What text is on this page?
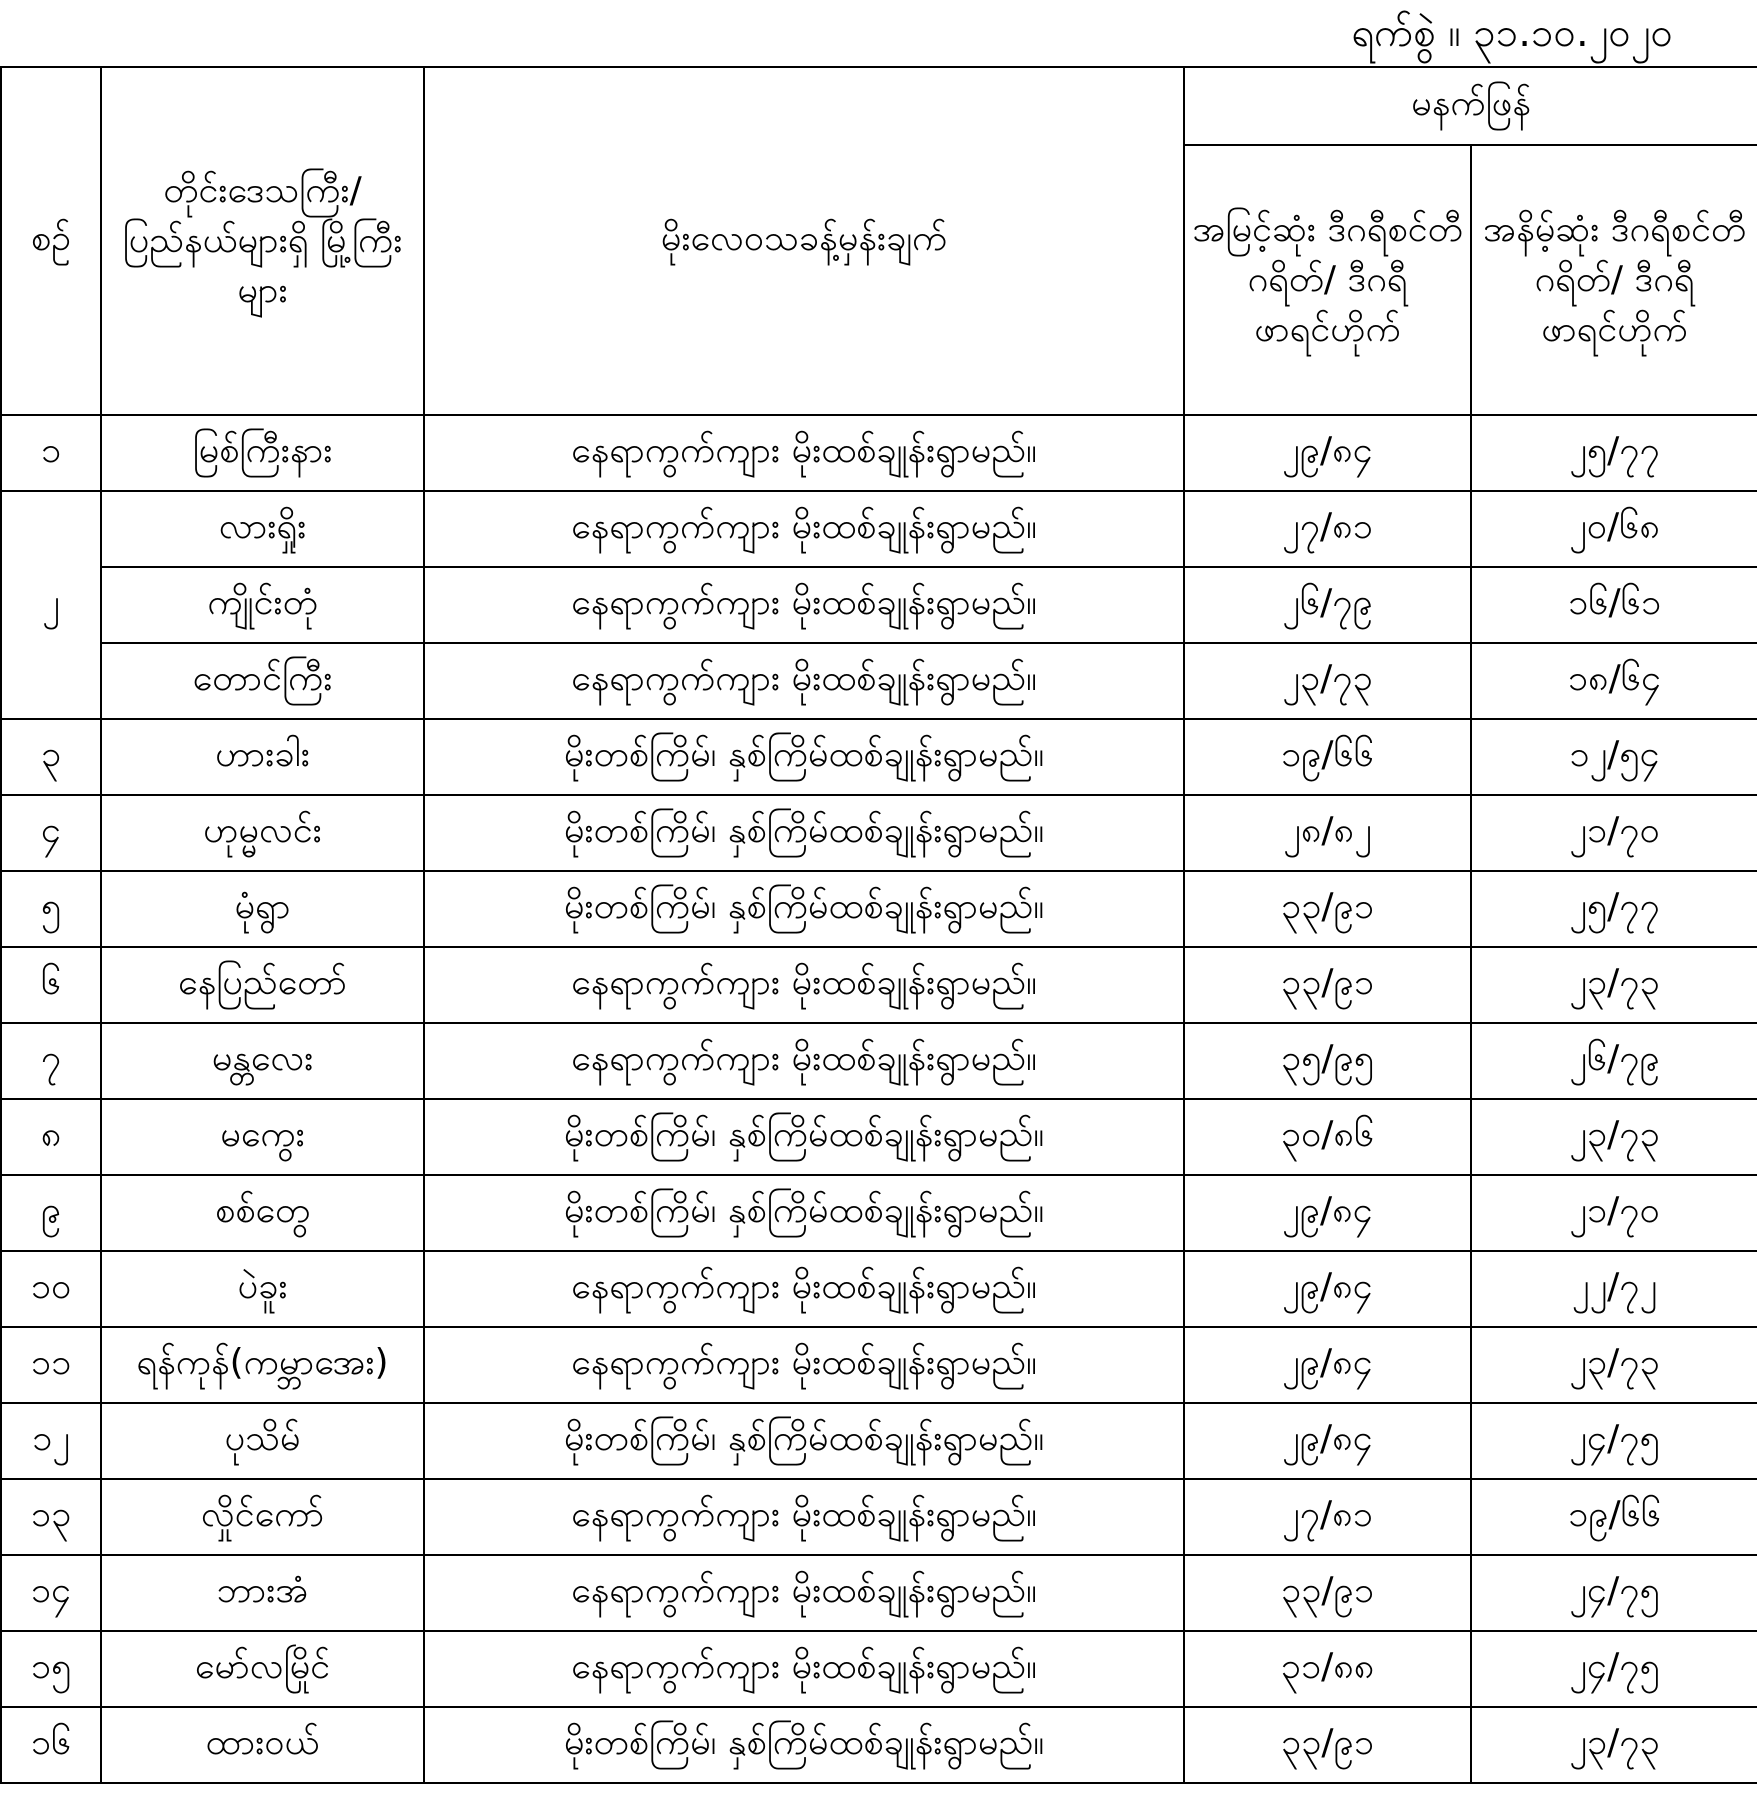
ရက်စွဲ ။ ၃၁.၁၀.၂၀၂၀
စဉ်	တိုင်းဒေသကြီး/ ပြည်နယ်များရှိ မြို့ကြီးများ	မိုးလေဝသခန့်မှန်းချက်	မနက်ဖြန်	
			အမြင့်ဆုံး ဒီဂရီစင်တီဂရိတ်/ ဒီဂရီဖာရင်ဟိုက်	အနိမ့်ဆုံး ဒီဂရီစင်တီဂရိတ်/ ဒီဂရီဖာရင်ဟိုက်
၁	မြစ်ကြီးနား	နေရာကွက်ကျား မိုးထစ်ချုန်းရွာမည်။	၂၉/၈၄	၂၅/၇၇
၂	လားရှိုး	နေရာကွက်ကျား မိုးထစ်ချုန်းရွာမည်။	၂၇/၈၁	၂၀/၆၈
	ကျိုင်းတုံ	နေရာကွက်ကျား မိုးထစ်ချုန်းရွာမည်။	၂၆/၇၉	၁၆/၆၁
	တောင်ကြီး	နေရာကွက်ကျား မိုးထစ်ချုန်းရွာမည်။	၂၃/၇၃	၁၈/၆၄
၃	ဟားခါး	မိုးတစ်ကြိမ်၊ နှစ်ကြိမ်ထစ်ချုန်းရွာမည်။	၁၉/၆၆	၁၂/၅၄
၄	ဟုမ္မလင်း	မိုးတစ်ကြိမ်၊ နှစ်ကြိမ်ထစ်ချုန်းရွာမည်။	၂၈/၈၂	၂၁/၇၀
၅	မုံရွာ	မိုးတစ်ကြိမ်၊ နှစ်ကြိမ်ထစ်ချုန်းရွာမည်။	၃၃/၉၁	၂၅/၇၇
၆	နေပြည်တော်	နေရာကွက်ကျား မိုးထစ်ချုန်းရွာမည်။	၃၃/၉၁	၂၃/၇၃
၇	မန္တလေး	နေရာကွက်ကျား မိုးထစ်ချုန်းရွာမည်။	၃၅/၉၅	၂၆/၇၉
၈	မကွေး	မိုးတစ်ကြိမ်၊ နှစ်ကြိမ်ထစ်ချုန်းရွာမည်။	၃၀/၈၆	၂၃/၇၃
၉	စစ်တွေ	မိုးတစ်ကြိမ်၊ နှစ်ကြိမ်ထစ်ချုန်းရွာမည်။	၂၉/၈၄	၂၁/၇၀
၁၀	ပဲခူး	နေရာကွက်ကျား မိုးထစ်ချုန်းရွာမည်။	၂၉/၈၄	၂၂/၇၂
၁၁	ရန်ကုန်(ကမ္ဘာအေး)	နေရာကွက်ကျား မိုးထစ်ချုန်းရွာမည်။	၂၉/၈၄	၂၃/၇၃
၁၂	ပုသိမ်	မိုးတစ်ကြိမ်၊ နှစ်ကြိမ်ထစ်ချုန်းရွာမည်။	၂၉/၈၄	၂၄/၇၅
၁၃	လှိုင်ကော်	နေရာကွက်ကျား မိုးထစ်ချုန်းရွာမည်။	၂၇/၈၁	၁၉/၆၆
၁၄	ဘားအံ	နေရာကွက်ကျား မိုးထစ်ချုန်းရွာမည်။	၃၃/၉၁	၂၄/၇၅
၁၅	မော်လမြိုင်	နေရာကွက်ကျား မိုးထစ်ချုန်းရွာမည်။	၃၁/၈၈	၂၄/၇၅
၁၆	ထားဝယ်	မိုးတစ်ကြိမ်၊ နှစ်ကြိမ်ထစ်ချုန်းရွာမည်။	၃၃/၉၁	၂၃/၇၃
